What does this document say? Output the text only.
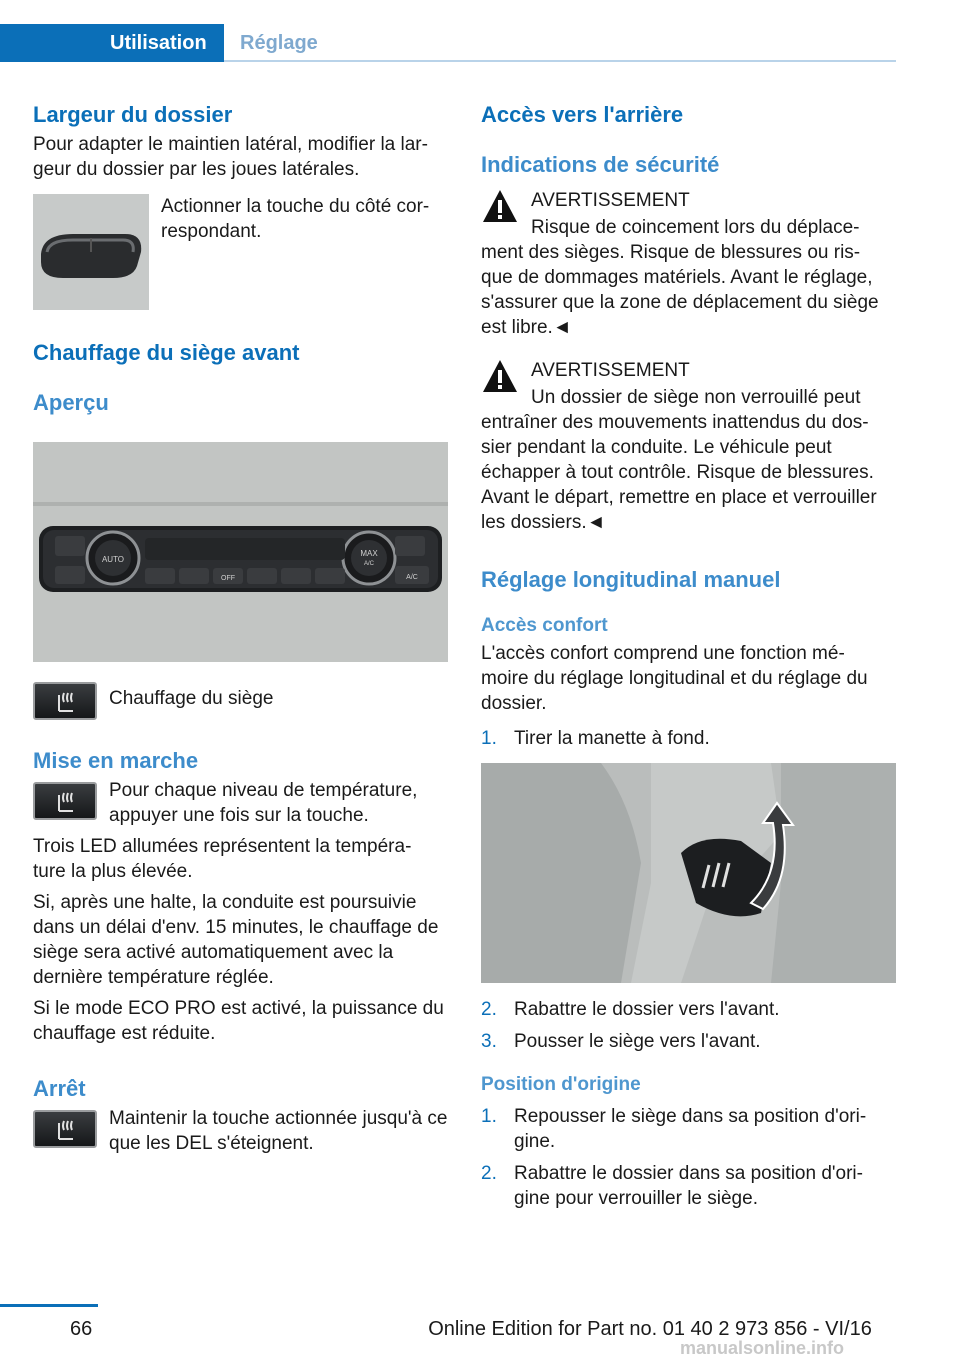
Utilisation	Réglage
Largeur du dossier

Pour adapter le maintien latéral, modifier la lar‐ geur du dossier par les joues latérales.

Actionner la touche du côté cor‐ respondant.

Chauffage du siège avant
Aperçu
AUTO
MAX
A/C
A/C
OFF

Chauffage du siège

Mise en marche

Pour chaque niveau de température, appuyer une fois sur la touche.

Trois LED allumées représentent la tempéra‐ ture la plus élevée.

Si, après une halte, la conduite est poursuivie dans un délai d'env. 15 minutes, le chauffage de siège sera activé automatiquement avec la dernière température réglée.

Si le mode ECO PRO est activé, la puissance du chauffage est réduite.

Arrêt

Maintenir la touche actionnée jusqu'à ce que les DEL s'éteignent.

Accès vers l'arrière
Indications de sécurité

AVERTISSEMENT

Risque de coincement lors du déplace‐

ment des sièges. Risque de blessures ou ris‐ que de dommages matériels. Avant le réglage, s'assurer que la zone de déplacement du siège est libre.◄

AVERTISSEMENT

Un dossier de siège non verrouillé peut

entraîner des mouvements inattendus du dos‐ sier pendant la conduite. Le véhicule peut échapper à tout contrôle. Risque de blessures. Avant le départ, remettre en place et verrouiller les dossiers.◄

Réglage longitudinal manuel
Accès confort

L'accès confort comprend une fonction mé‐ moire du réglage longitudinal et du réglage du dossier.

1. Tirer la manette à fond.
2. Rabattre le dossier vers l'avant.
3. Pousser le siège vers l'avant.
Position d'origine
1. Repousser le siège dans sa position d'ori‐ gine.
2. Rabattre le dossier dans sa position d'ori‐ gine pour verrouiller le siège.
66	Online Edition for Part no. 01 40 2 973 856 - VI/16
manualsonline.info
